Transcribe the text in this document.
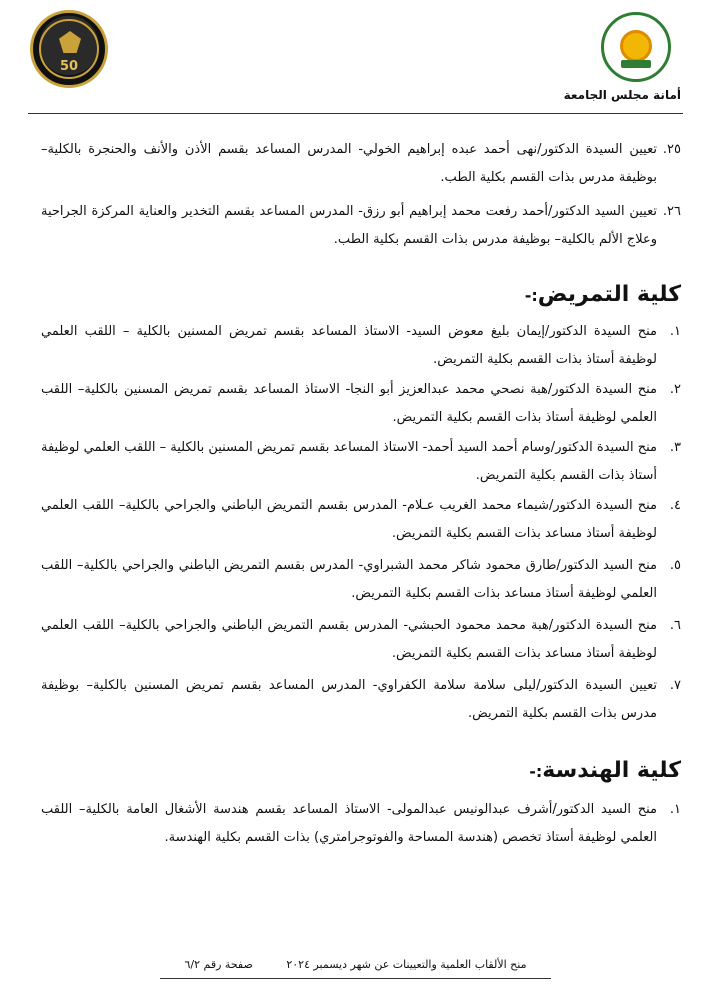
50
أمانة مجلس الجامعة
٢٥.
تعيين السيدة الدكتور/نهى أحمد عبده إبراهيم الخولي- المدرس المساعد بقسم الأذن والأنف والحنجرة بالكلية– بوظيفة مدرس بذات القسم بكلية الطب.
٢٦.
تعيين السيد الدكتور/أحمد رفعت محمد إبراهيم أبو رزق- المدرس المساعد بقسم التخدير والعناية المركزة الجراحية وعلاج الألم بالكلية– بوظيفة مدرس بذات القسم بكلية الطب.
كلية التمريض:-
١.
منح السيدة الدكتور/إيمان بليغ معوض السيد- الاستاذ المساعد بقسم تمريض المسنين بالكلية – اللقب العلمي لوظيفة أستاذ بذات القسم بكلية التمريض.
٢.
منح السيدة الدكتور/هبة نصحي محمد عبدالعزيز أبو النجا- الاستاذ المساعد بقسم تمريض المسنين بالكلية– اللقب العلمي لوظيفة أستاذ بذات القسم بكلية التمريض.
٣.
منح السيدة الدكتور/وسام أحمد السيد أحمد- الاستاذ المساعد بقسم تمريض المسنين بالكلية – اللقب العلمي لوظيفة أستاذ بذات القسم بكلية التمريض.
٤.
منح السيدة الدكتور/شيماء محمد الغريب عـلام- المدرس بقسم التمريض الباطني والجراحي بالكلية– اللقب العلمي لوظيفة أستاذ مساعد بذات القسم بكلية التمريض.
٥.
منح السيد الدكتور/طارق محمود شاكر محمد الشبراوي- المدرس بقسم التمريض الباطني والجراحي بالكلية– اللقب العلمي لوظيفة أستاذ مساعد بذات القسم بكلية التمريض.
٦.
منح السيدة الدكتور/هبة محمد محمود الحبشي- المدرس بقسم التمريض الباطني والجراحي بالكلية– اللقب العلمي لوظيفة أستاذ مساعد بذات القسم بكلية التمريض.
٧.
تعيين السيدة الدكتور/ليلى سلامة سلامة الكفراوي- المدرس المساعد بقسم تمريض المسنين بالكلية– بوظيفة مدرس بذات القسم بكلية التمريض.
كلية الهندسة:-
١.
منح السيد الدكتور/أشرف عبدالونيس عبدالمولى- الاستاذ المساعد بقسم هندسة الأشغال العامة بالكلية– اللقب العلمي لوظيفة أستاذ تخصص (هندسة المساحة والفوتوجرامتري) بذات القسم بكلية الهندسة.
منح الألقاب العلمية والتعيينات عن شهر ديسمبر ٢٠٢٤ صفحة رقم ٦/٢
